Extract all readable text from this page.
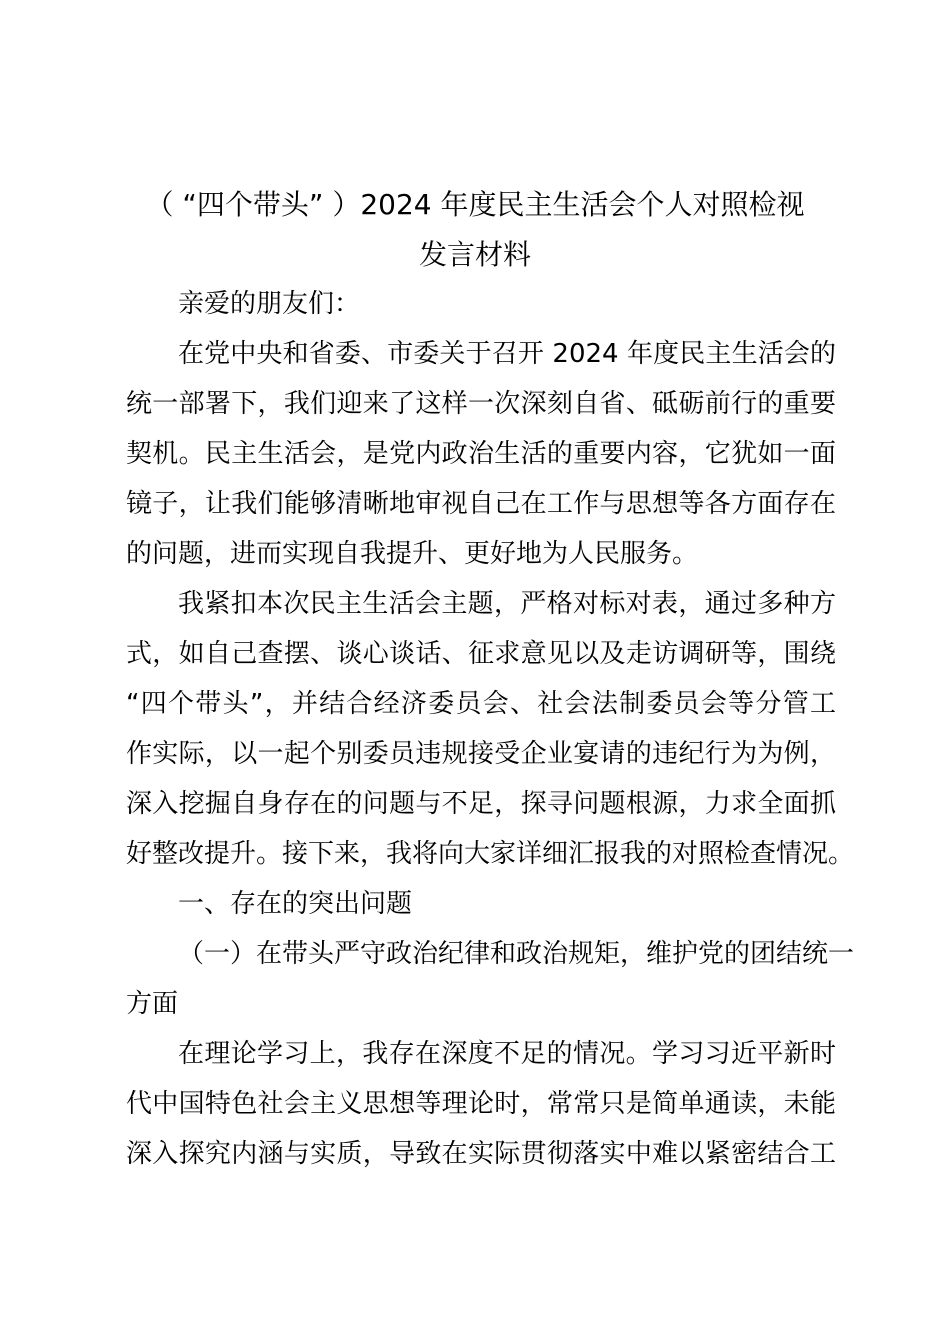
（ “四个带头” ）2024 年度民主生活会个人对照检视
发言材料
亲爱的朋友们：
在党中央和省委、市委关于召开 2024 年度民主生活会的
统一部署下，我们迎来了这样一次深刻自省、砥砺前行的重要
契机。民主生活会，是党内政治生活的重要内容，它犹如一面
镜子，让我们能够清晰地审视自己在工作与思想等各方面存在
的问题，进而实现自我提升、更好地为人民服务。
我紧扣本次民主生活会主题，严格对标对表，通过多种方
式，如自己查摆、谈心谈话、征求意见以及走访调研等，围绕
“四个带头”，并结合经济委员会、社会法制委员会等分管工
作实际，以一起个别委员违规接受企业宴请的违纪行为为例，
深入挖掘自身存在的问题与不足，探寻问题根源，力求全面抓
好整改提升。接下来，我将向大家详细汇报我的对照检查情况。
一、存在的突出问题
（一）在带头严守政治纪律和政治规矩，维护党的团结统一
方面
在理论学习上，我存在深度不足的情况。学习习近平新时
代中国特色社会主义思想等理论时，常常只是简单通读，未能
深入探究内涵与实质，导致在实际贯彻落实中难以紧密结合工
